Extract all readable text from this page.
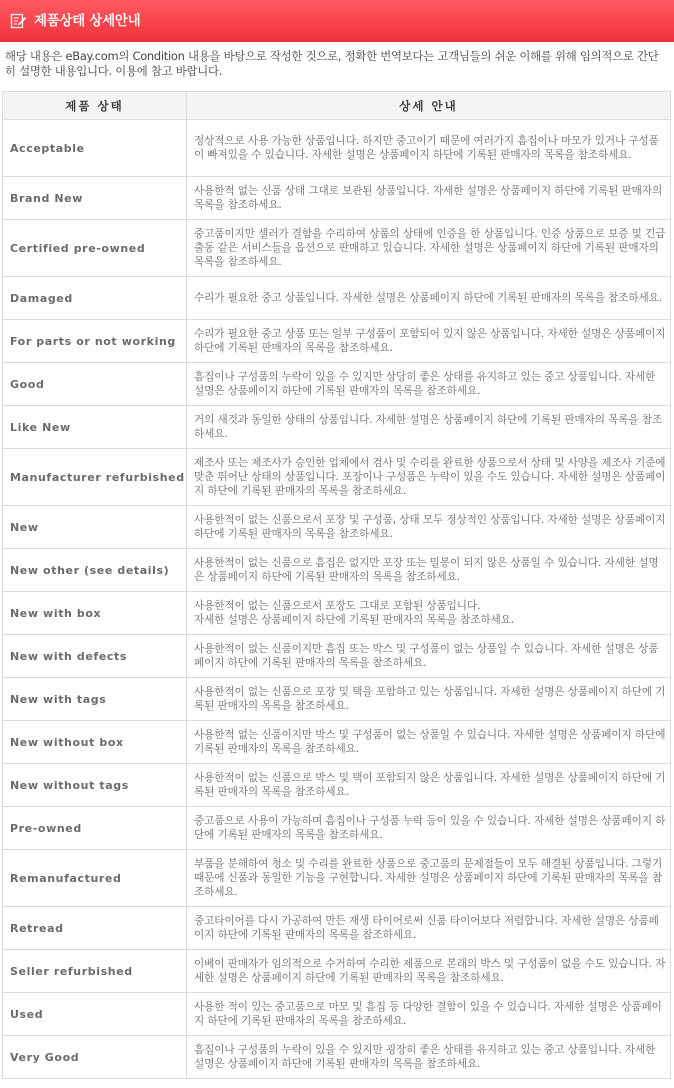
제품상태 상세안내
해당 내용은 eBay.com의 Condition 내용을 바탕으로 작성한 것으로, 정확한 번역보다는 고객님들의 쉬운 이해를 위해 임의적으로 간단히 설명한 내용입니다. 이용에 참고 바랍니다.
제품 상태	상세 안내
Acceptable	정상적으로 사용 가능한 상품입니다. 하지만 중고이기 때문에 여러가지 흠집이나 마모가 있거나 구성품이 빠져있을 수 있습니다. 자세한 설명은 상품페이지 하단에 기록된 판매자의 목록을 참조하세요.
Brand New	사용한적 없는 신품 상태 그대로 보관된 상품입니다. 자세한 설명은 상품페이지 하단에 기록된 판매자의 목록을 참조하세요.
Certified pre-owned	중고품이지만 셀러가 결함을 수리하여 상품의 상태에 인증을 한 상품입니다. 인증 상품으로 보증 및 긴급출동 같은 서비스들을 옵션으로 판매하고 있습니다. 자세한 설명은 상품페이지 하단에 기록된 판매자의 목록을 참조하세요.
Damaged	수리가 필요한 중고 상품입니다. 자세한 설명은 상품페이지 하단에 기록된 판매자의 목록을 참조하세요.
For parts or not working	수리가 필요한 중고 상품 또는 일부 구성품이 포함되어 있지 않은 상품입니다. 자세한 설명은 상품페이지 하단에 기록된 판매자의 목록을 참조하세요.
Good	흠집이나 구성품의 누락이 있을 수 있지만 상당히 좋은 상태를 유지하고 있는 중고 상품입니다. 자세한 설명은 상품페이지 하단에 기록된 판매자의 목록을 참조하세요.
Like New	거의 새것과 동일한 상태의 상품입니다. 자세한 설명은 상품페이지 하단에 기록된 판매자의 목록을 참조하세요.
Manufacturer refurbished	제조사 또는 제조사가 승인한 업체에서 검사 및 수리를 완료한 상품으로서 상태 및 사양을 제조사 기준에 맞춘 뛰어난 상태의 상품입니다. 포장이나 구성품은 누락이 있을 수도 있습니다. 자세한 설명은 상품페이지 하단에 기록된 판매자의 목록을 참조하세요.
New	사용한적이 없는 신품으로서 포장 및 구성품, 상태 모두 정상적인 상품입니다. 자세한 설명은 상품페이지 하단에 기록된 판매자의 목록을 참조하세요.
New other (see details)	사용한적이 없는 신품으로 흠집은 없지만 포장 또는 밀봉이 되지 않은 상품일 수 있습니다. 자세한 설명은 상품페이지 하단에 기록된 판매자의 목록을 참조하세요.
New with box	사용한적이 없는 신품으로서 포장도 그대로 포함된 상품입니다.
자세한 설명은 상품페이지 하단에 기록된 판매자의 목록을 참조하세요.
New with defects	사용한적이 없는 신품이지만 흠집 또는 박스 및 구성품이 없는 상품일 수 있습니다. 자세한 설명은 상품페이지 하단에 기록된 판매자의 목록을 참조하세요.
New with tags	사용한적이 없는 신품으로 포장 및 택을 포함하고 있는 상품입니다. 자세한 설명은 상품페이지 하단에 기록된 판매자의 목록을 참조하세요.
New without box	사용한적 없는 신품이지만 박스 및 구성품이 없는 상품일 수 있습니다. 자세한 설명은 상품페이지 하단에 기록된 판매자의 목록을 참조하세요.
New without tags	사용한적이 없는 신품으로 박스 및 택이 포함되지 않은 상품입니다. 자세한 설명은 상품페이지 하단에 기록된 판매자의 목록을 참조하세요.
Pre-owned	중고품으로 사용이 가능하며 흠집이나 구성품 누락 등이 있을 수 있습니다. 자세한 설명은 상품페이지 하단에 기록된 판매자의 목록을 참조하세요.
Remanufactured	부품을 분해하여 청소 및 수리를 완료한 상품으로 중고품의 문제점들이 모두 해결된 상품입니다. 그렇기 때문에 신품과 동일한 기능을 구현합니다. 자세한 설명은 상품페이지 하단에 기록된 판매자의 목록을 참조하세요.
Retread	중고타이어를 다시 가공하여 만든 재생 타이어로써 신품 타이어보다 저렴합니다. 자세한 설명은 상품페이지 하단에 기록된 판매자의 목록을 참조하세요.
Seller refurbished	이베이 판매자가 임의적으로 수거하여 수리한 제품으로 본래의 박스 및 구성품이 없을 수도 있습니다. 자세한 설명은 상품페이지 하단에 기록된 판매자의 목록을 참조하세요.
Used	사용한 적이 있는 중고품으로 마모 및 흠집 등 다양한 결함이 있을 수 있습니다. 자세한 설명은 상품페이지 하단에 기록된 판매자의 목록을 참조하세요.
Very Good	흠집이나 구성품의 누락이 있을 수 있지만 굉장히 좋은 상태를 유지하고 있는 중고 상품입니다. 자세한 설명은 상품페이지 하단에 기록된 판매자의 목록을 참조하세요.
